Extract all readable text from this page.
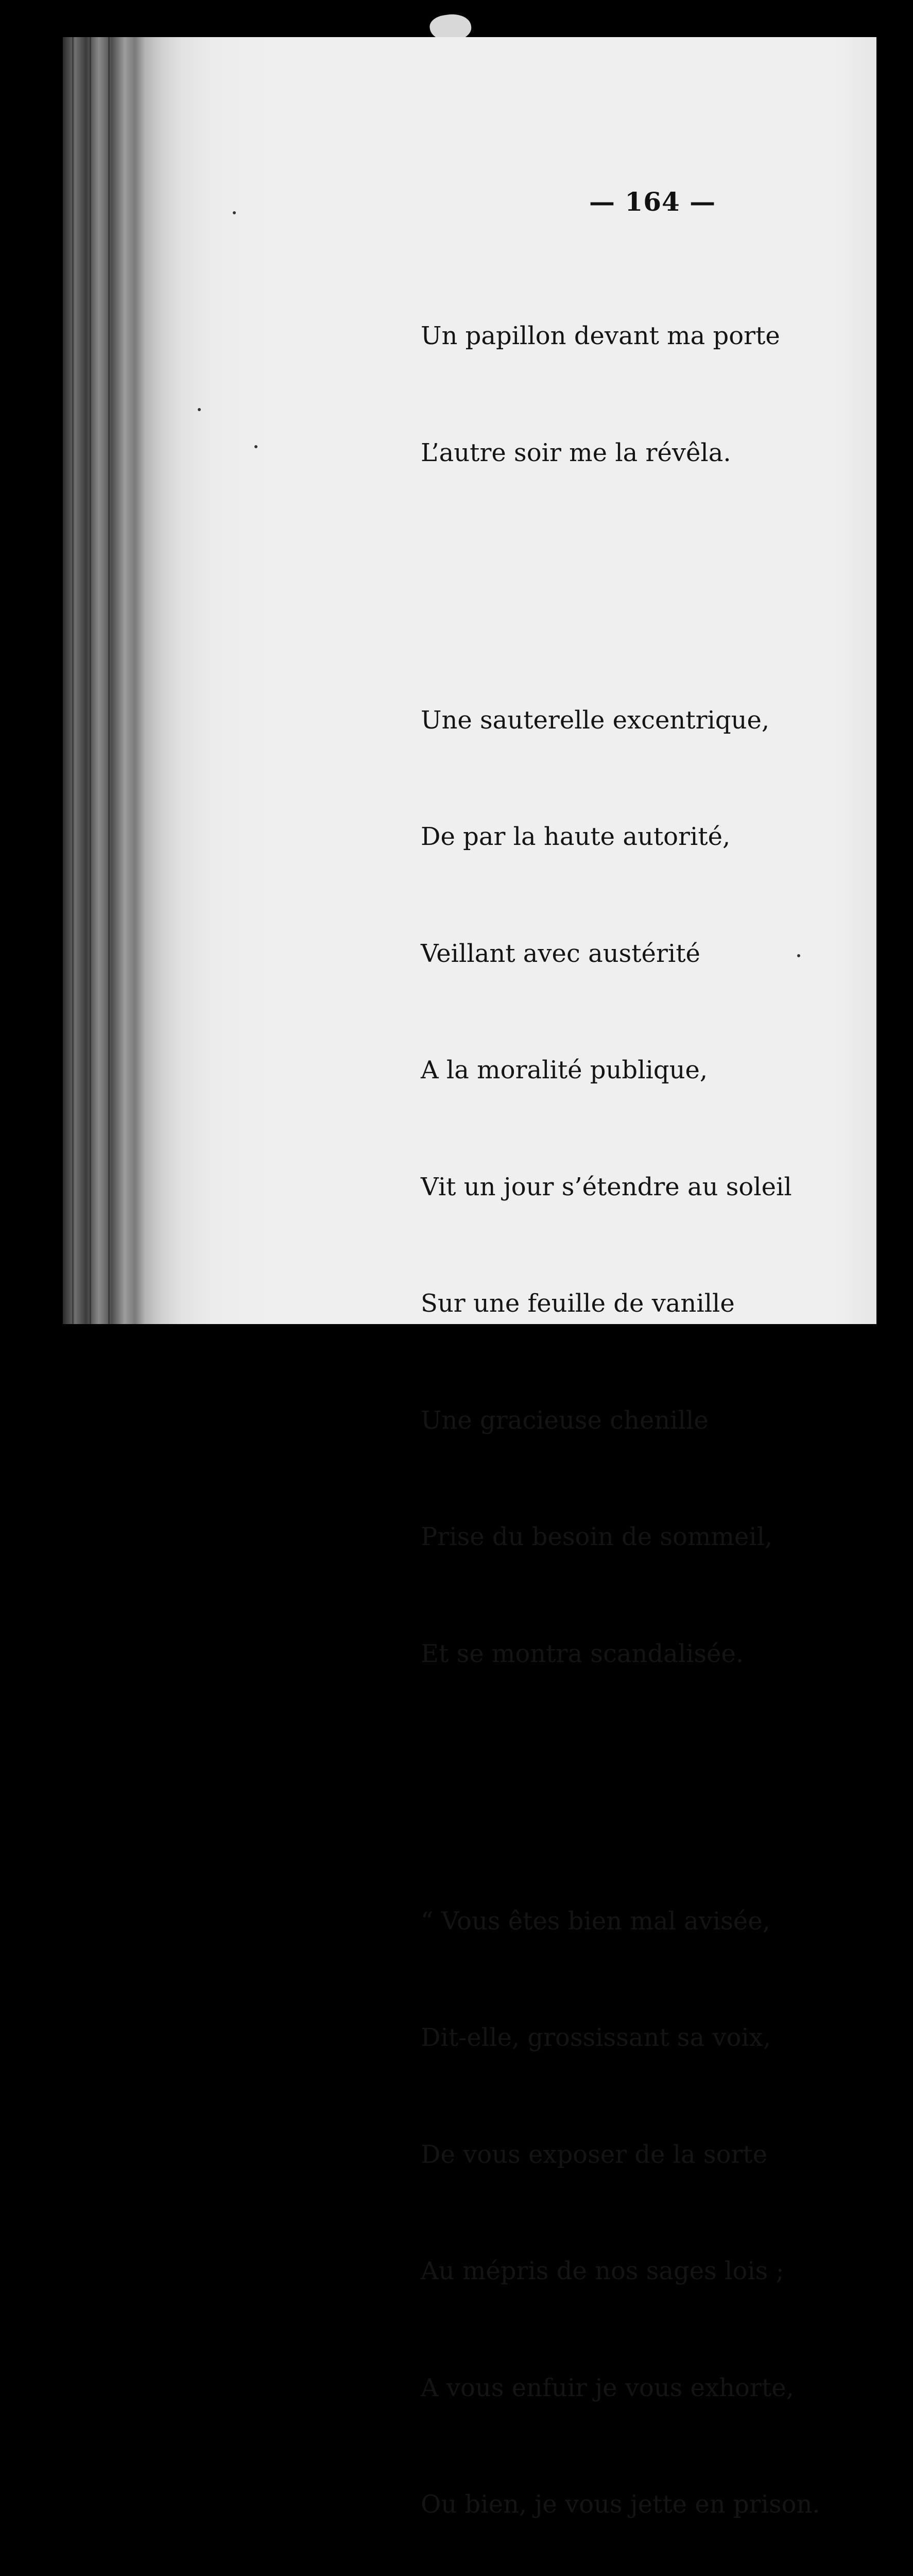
— 164 —

Un papillon devant ma porte

L’autre soir me la révêla.

Une sauterelle excentrique,

De par la haute autorité,

Veillant avec austérité

A la moralité publique,

Vit un jour s’étendre au soleil

Sur une feuille de vanille

Une gracieuse chenille

Prise du besoin de sommeil,

Et se montra scandalisée.

“ Vous êtes bien mal avisée,

Dit-elle, grossissant sa voix,

De vous exposer de la sorte

Au mépris de nos sages lois ;

A vous enfuir je vous exhorte,

Ou bien, je vous jette en prison.
